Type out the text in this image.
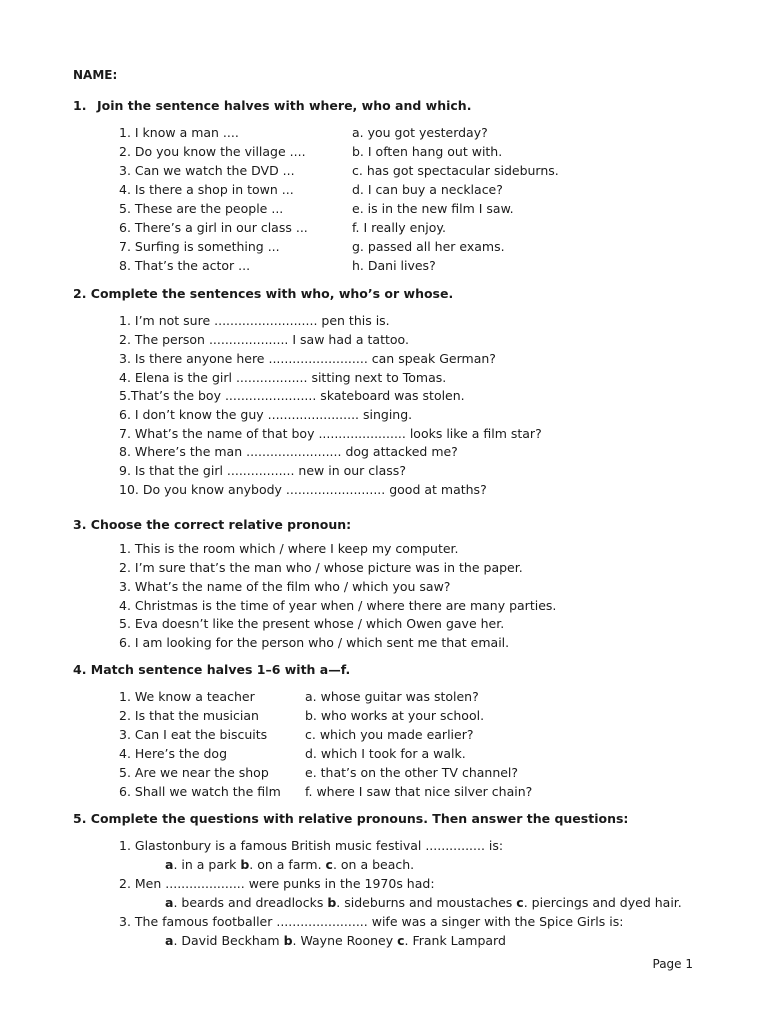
NAME:
1. Join the sentence halves with where, who and which.
1. I know a man ....
2. Do you know the village ....
3. Can we watch the DVD ...
4. Is there a shop in town ...
5. These are the people ...
6. There’s a girl in our class ...
7. Surfing is something ...
8. That’s the actor ...
a. you got yesterday?
b. I often hang out with.
c. has got spectacular sideburns.
d. I can buy a necklace?
e. is in the new film I saw.
f. I really enjoy.
g. passed all her exams.
h. Dani lives?
2. Complete the sentences with who, who’s or whose.
1. I’m not sure .......................... pen this is.
2. The person .................... I saw had a tattoo.
3. Is there anyone here ......................... can speak German?
4. Elena is the girl .................. sitting next to Tomas.
5.That’s the boy ....................... skateboard was stolen.
6. I don’t know the guy ....................... singing.
7. What’s the name of that boy ...................... looks like a film star?
8. Where’s the man ........................ dog attacked me?
9. Is that the girl ................. new in our class?
10. Do you know anybody ......................... good at maths?
3. Choose the correct relative pronoun:
1. This is the room which / where I keep my computer.
2. I’m sure that’s the man who / whose picture was in the paper.
3. What’s the name of the film who / which you saw?
4. Christmas is the time of year when / where there are many parties.
5. Eva doesn’t like the present whose / which Owen gave her.
6. I am looking for the person who / which sent me that email.
4. Match sentence halves 1–6 with a—f.
1. We know a teacher
2. Is that the musician
3. Can I eat the biscuits
4. Here’s the dog
5. Are we near the shop
6. Shall we watch the film
a. whose guitar was stolen?
b. who works at your school.
c. which you made earlier?
d. which I took for a walk.
e. that’s on the other TV channel?
f. where I saw that nice silver chain?
5. Complete the questions with relative pronouns. Then answer the questions:
1. Glastonbury is a famous British music festival ............... is:
a. in a park b. on a farm. c. on a beach.
2. Men .................... were punks in the 1970s had:
a. beards and dreadlocks b. sideburns and moustaches c. piercings and dyed hair.
3. The famous footballer ....................... wife was a singer with the Spice Girls is:
a. David Beckham b. Wayne Rooney c. Frank Lampard
Page 1
